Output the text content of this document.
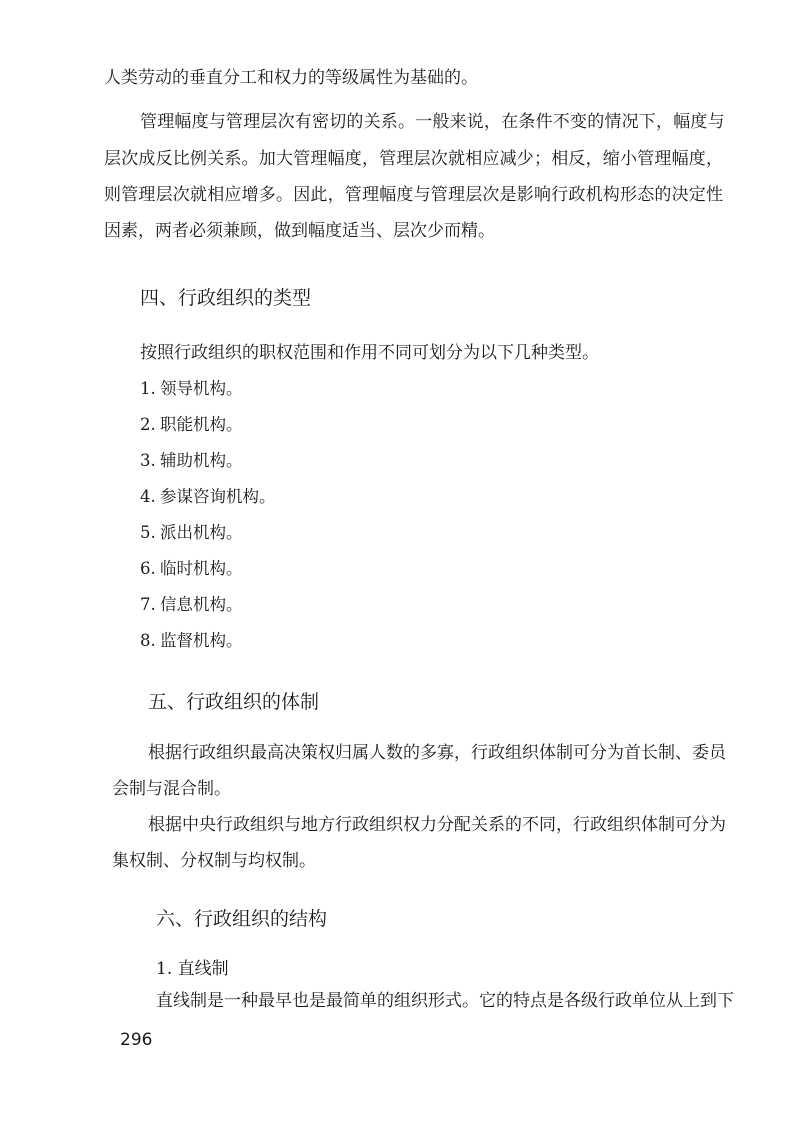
人类劳动的垂直分工和权力的等级属性为基础的。
管理幅度与管理层次有密切的关系。一般来说，在条件不变的情况下，幅度与
层次成反比例关系。加大管理幅度，管理层次就相应减少；相反，缩小管理幅度，
则管理层次就相应增多。因此，管理幅度与管理层次是影响行政机构形态的决定性
因素，两者必须兼顾，做到幅度适当、层次少而精。
四、行政组织的类型
按照行政组织的职权范围和作用不同可划分为以下几种类型。
1. 领导机构。
2. 职能机构。
3. 辅助机构。
4. 参谋咨询机构。
5. 派出机构。
6. 临时机构。
7. 信息机构。
8. 监督机构。
五、行政组织的体制
根据行政组织最高决策权归属人数的多寡，行政组织体制可分为首长制、委员
会制与混合制。
根据中央行政组织与地方行政组织权力分配关系的不同，行政组织体制可分为
集权制、分权制与均权制。
六、行政组织的结构
1. 直线制
直线制是一种最早也是最简单的组织形式。它的特点是各级行政单位从上到下
296
